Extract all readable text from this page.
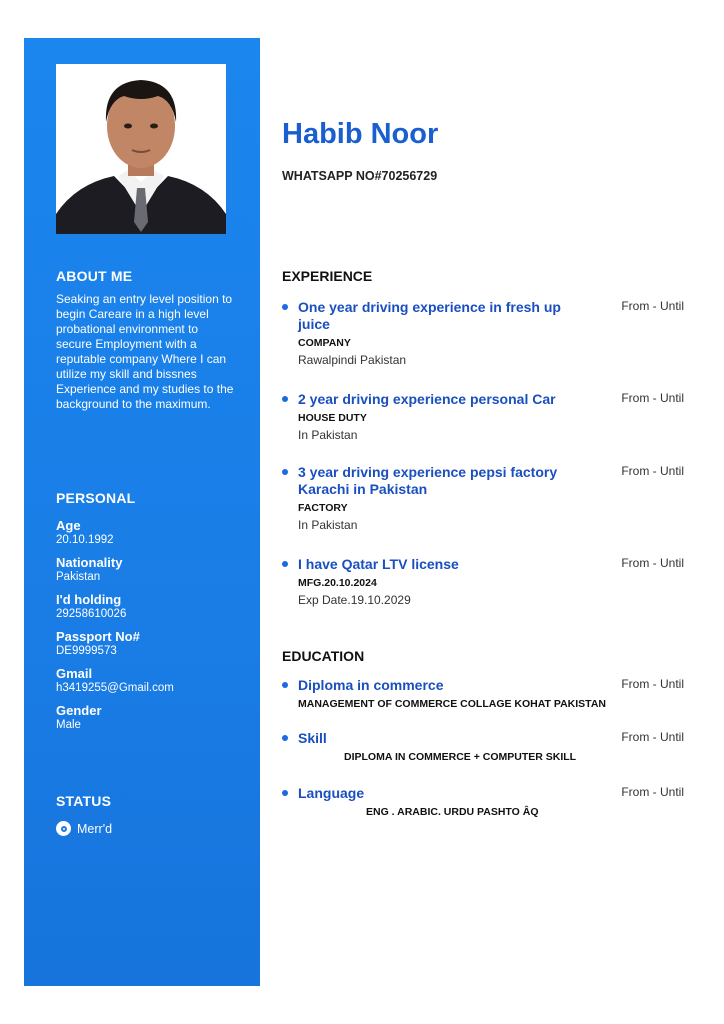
ABOUT ME
Seaking an entry level position to begin Careare in a high level probational environment to secure Employment with a reputable company Where I can utilize my skill and bissnes Experience and my studies to the background to the maximum.
PERSONAL
Age
20.10.1992
Nationality
Pakistan
I'd holding
29258610026
Passport No#
DE9999573
Gmail
h3419255@Gmail.com
Gender
Male
STATUS
Merr'd
Habib Noor
WHATSAPP NO#70256729
EXPERIENCE
One year driving experience in fresh up juice
From - Until
COMPANY
Rawalpindi Pakistan
2 year driving experience personal Car	From - Until
HOUSE DUTY
In Pakistan
3 year driving experience pepsi factory Karachi in Pakistan
From - Until
FACTORY
In Pakistan
I have Qatar LTV license	From - Until
MFG.20.10.2024
Exp Date.19.10.2029
EDUCATION
Diploma in commerce	From - Until
MANAGEMENT OF COMMERCE COLLAGE KOHAT PAKISTAN
Skill	From - Until
DIPLOMA IN COMMERCE + COMPUTER SKILL
Language	From - Until
ENG . ARABIC. URDU PASHTO ÂQ
